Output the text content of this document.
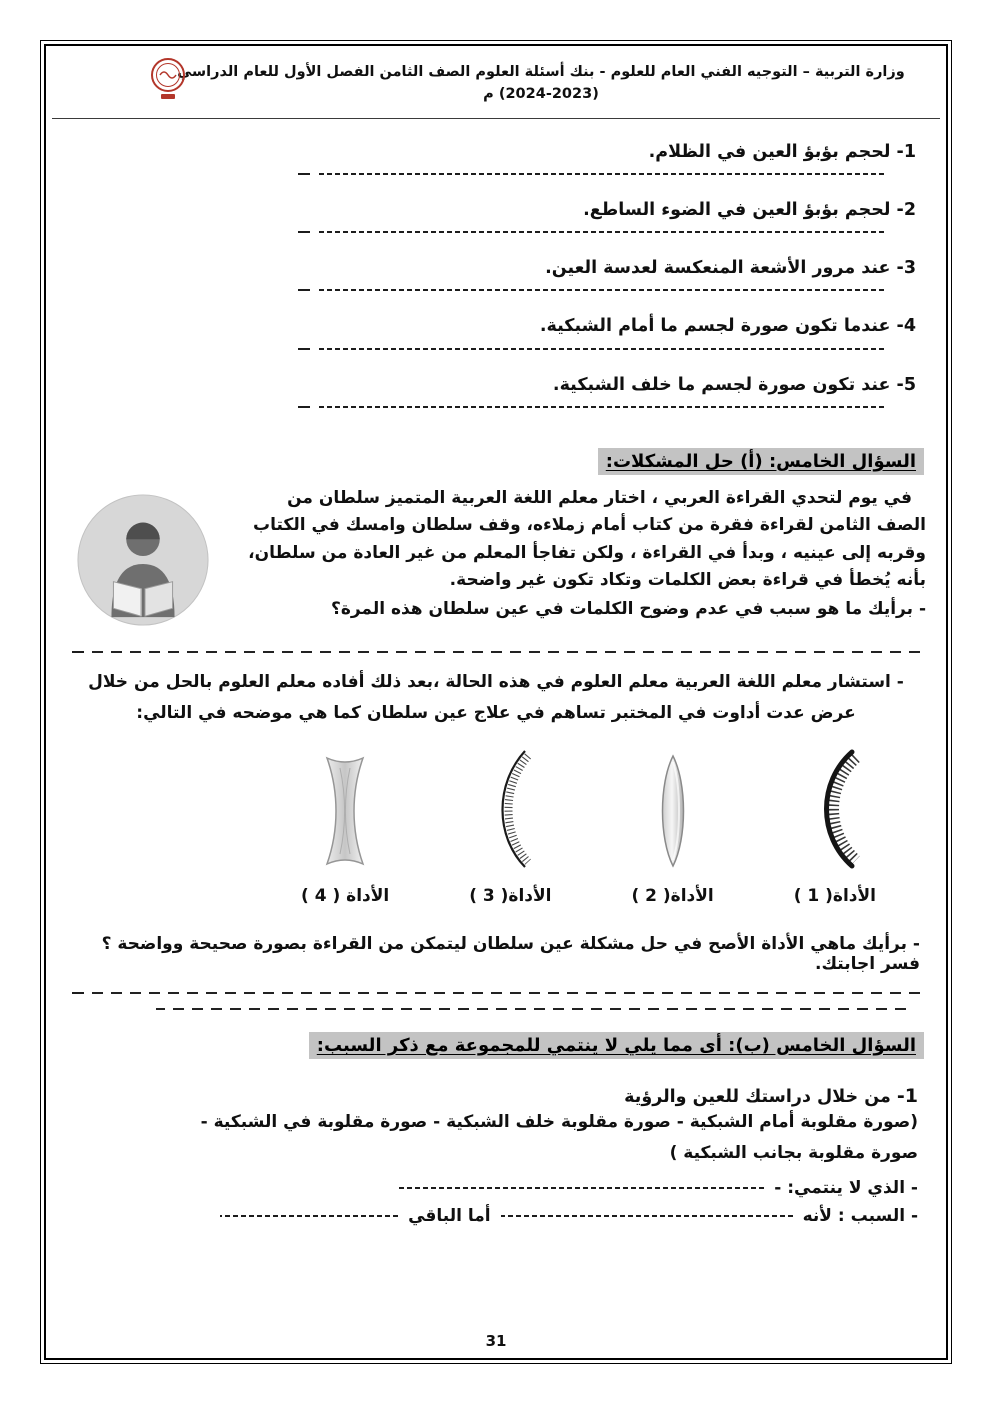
وزارة التربية – التوجيه الفني العام للعلوم - بنك أسئلة العلوم الصف الثامن الفصل الأول للعام الدراسي (2023-2024) م
1- لحجم بؤبؤ العين في الظلام.
2- لحجم بؤبؤ العين في الضوء الساطع.
3- عند مرور الأشعة المنعكسة لعدسة العين.
4- عندما تكون صورة لجسم ما أمام الشبكية.
5- عند تكون صورة لجسم ما خلف الشبكية.
السؤال الخامس: (أ) حل المشكلات:

في يوم لتحدي القراءة العربي ، اختار معلم اللغة العربية المتميز سلطان من الصف الثامن لقراءة فقرة من كتاب أمام زملاءه، وقف سلطان وامسك في الكتاب وقربه إلى عينيه ، وبدأ في القراءة ، ولكن تفاجأ المعلم من غير العادة من سلطان، بأنه يُخطأ في قراءة بعض الكلمات وتكاد تكون غير واضحة.

- برأيك ما هو سبب في عدم وضوح الكلمات في عين سلطان هذه المرة؟

- استشار معلم اللغة العربية معلم العلوم في هذه الحالة ،بعد ذلك أفاده معلم العلوم بالحل من خلال عرض عدت أداوت في المختبر تساهم في علاج عين سلطان كما هي موضحه في التالي:

الأداة( 1 )
الأداة( 2 )
الأداة( 3 )
الأداة ( 4 )

- برأيك ماهي الأداة الأصح في حل مشكلة عين سلطان ليتمكن من القراءة بصورة صحيحة وواضحة ؟ فسر اجابتك.

السؤال الخامس (ب): أى مما يلي لا ينتمي للمجموعة مع ذكر السبب:

1- من خلال دراستك للعين والرؤية

(صورة مقلوبة أمام الشبكية - صورة مقلوبة خلف الشبكية - صورة مقلوبة في الشبكية -

صورة مقلوبة بجانب الشبكية )

- الذي لا ينتمي: -
- السبب : لأنه
أما الباقي
31
